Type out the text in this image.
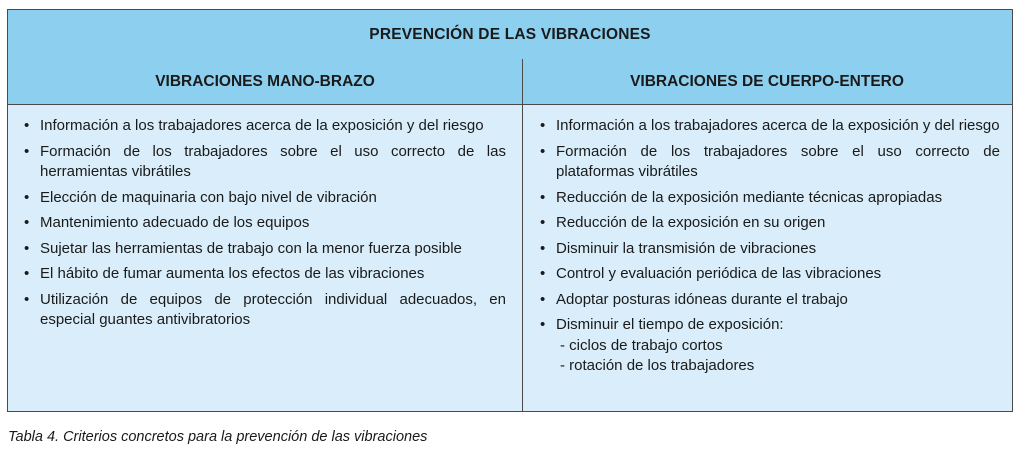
PREVENCIÓN DE LAS VIBRACIONES
VIBRACIONES MANO-BRAZO	VIBRACIONES DE CUERPO-ENTERO
• Información a los trabajadores acerca de la exposición y del riesgo
• Formación de los trabajadores sobre el uso correcto de las herramientas vibrátiles
• Elección de maquinaria con bajo nivel de vibración
• Mantenimiento adecuado de los equipos
• Sujetar las herramientas de trabajo con la menor fuerza posible
• El hábito de fumar aumenta los efectos de las vibraciones
• Utilización de equipos de protección individual adecuados, en especial guantes antivibratorios
• Información a los trabajadores acerca de la exposición y del riesgo
• Formación de los trabajadores sobre el uso correcto de plataformas vibrátiles
• Reducción de la exposición mediante técnicas apropiadas
• Reducción de la exposición en su origen
• Disminuir la transmisión de vibraciones
• Control y evaluación periódica de las vibraciones
• Adoptar posturas idóneas durante el trabajo
• Disminuir el tiempo de exposición:
- ciclos de trabajo cortos
- rotación de los trabajadores
Tabla 4. Criterios concretos para la prevención de las vibraciones
